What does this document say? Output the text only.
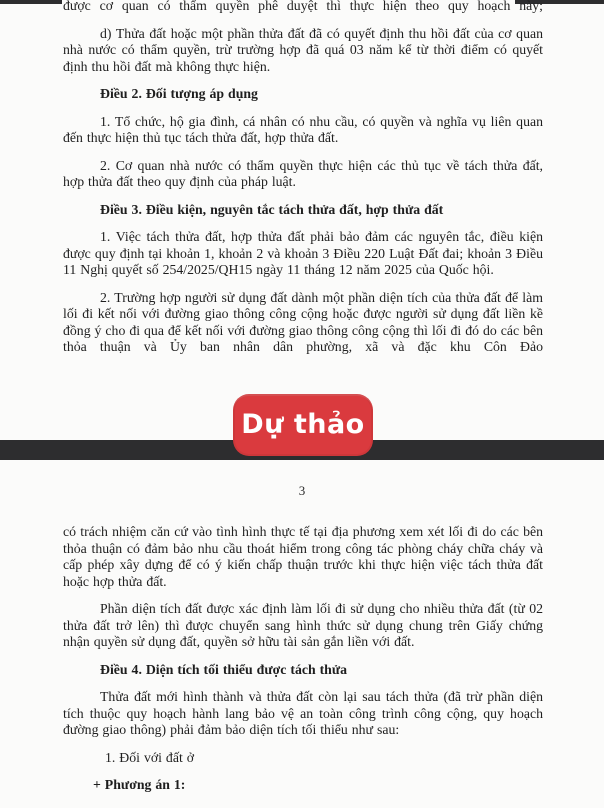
được cơ quan có thẩm quyền phê duyệt thì thực hiện theo quy hoạch này;

d) Thửa đất hoặc một phần thửa đất đã có quyết định thu hồi đất của cơ quan nhà nước có thẩm quyền, trừ trường hợp đã quá 03 năm kể từ thời điểm có quyết định thu hồi đất mà không thực hiện.

Điều 2. Đối tượng áp dụng

1. Tổ chức, hộ gia đình, cá nhân có nhu cầu, có quyền và nghĩa vụ liên quan đến thực hiện thủ tục tách thửa đất, hợp thửa đất.

2. Cơ quan nhà nước có thẩm quyền thực hiện các thủ tục về tách thửa đất, hợp thửa đất theo quy định của pháp luật.

Điều 3. Điều kiện, nguyên tắc tách thửa đất, hợp thửa đất

1. Việc tách thửa đất, hợp thửa đất phải bảo đảm các nguyên tắc, điều kiện được quy định tại khoản 1, khoản 2 và khoản 3 Điều 220 Luật Đất đai; khoản 3 Điều 11 Nghị quyết số 254/2025/QH15 ngày 11 tháng 12 năm 2025 của Quốc hội.

2. Trường hợp người sử dụng đất dành một phần diện tích của thửa đất để làm lối đi kết nối với đường giao thông công cộng hoặc được người sử dụng đất liền kề đồng ý cho đi qua để kết nối với đường giao thông công cộng thì lối đi đó do các bên thỏa thuận và Ủy ban nhân dân phường, xã và đặc khu Côn Đảo

Dự thảo
3

có trách nhiệm căn cứ vào tình hình thực tế tại địa phương xem xét lối đi do các bên thỏa thuận có đảm bảo nhu cầu thoát hiểm trong công tác phòng cháy chữa cháy và cấp phép xây dựng để có ý kiến chấp thuận trước khi thực hiện việc tách thửa đất hoặc hợp thửa đất.

Phần diện tích đất được xác định làm lối đi sử dụng cho nhiều thửa đất (từ 02 thửa đất trở lên) thì được chuyển sang hình thức sử dụng chung trên Giấy chứng nhận quyền sử dụng đất, quyền sở hữu tài sản gắn liền với đất.

Điều 4. Diện tích tối thiểu được tách thửa

Thửa đất mới hình thành và thửa đất còn lại sau tách thửa (đã trừ phần diện tích thuộc quy hoạch hành lang bảo vệ an toàn công trình công cộng, quy hoạch đường giao thông) phải đảm bảo diện tích tối thiểu như sau:

1. Đối với đất ở

+ Phương án 1:
